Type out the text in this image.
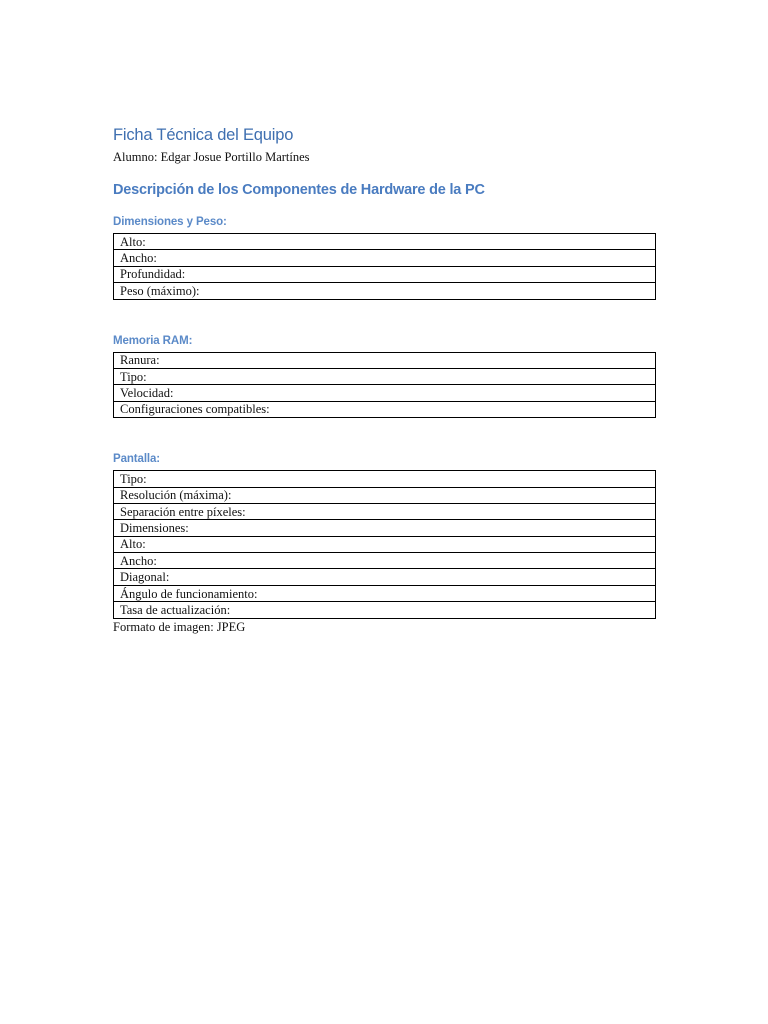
Ficha Técnica del Equipo
Alumno: Edgar Josue Portillo Martínes
Descripción de los Componentes de Hardware de la PC
Dimensiones y Peso:
Alto:
Ancho:
Profundidad:
Peso (máximo):
Memoria RAM:
Ranura:
Tipo:
Velocidad:
Configuraciones compatibles:
Pantalla:
Tipo:
Resolución (máxima):
Separación entre píxeles:
Dimensiones:
Alto:
Ancho:
Diagonal:
Ángulo de funcionamiento:
Tasa de actualización:
Formato de imagen: JPEG
